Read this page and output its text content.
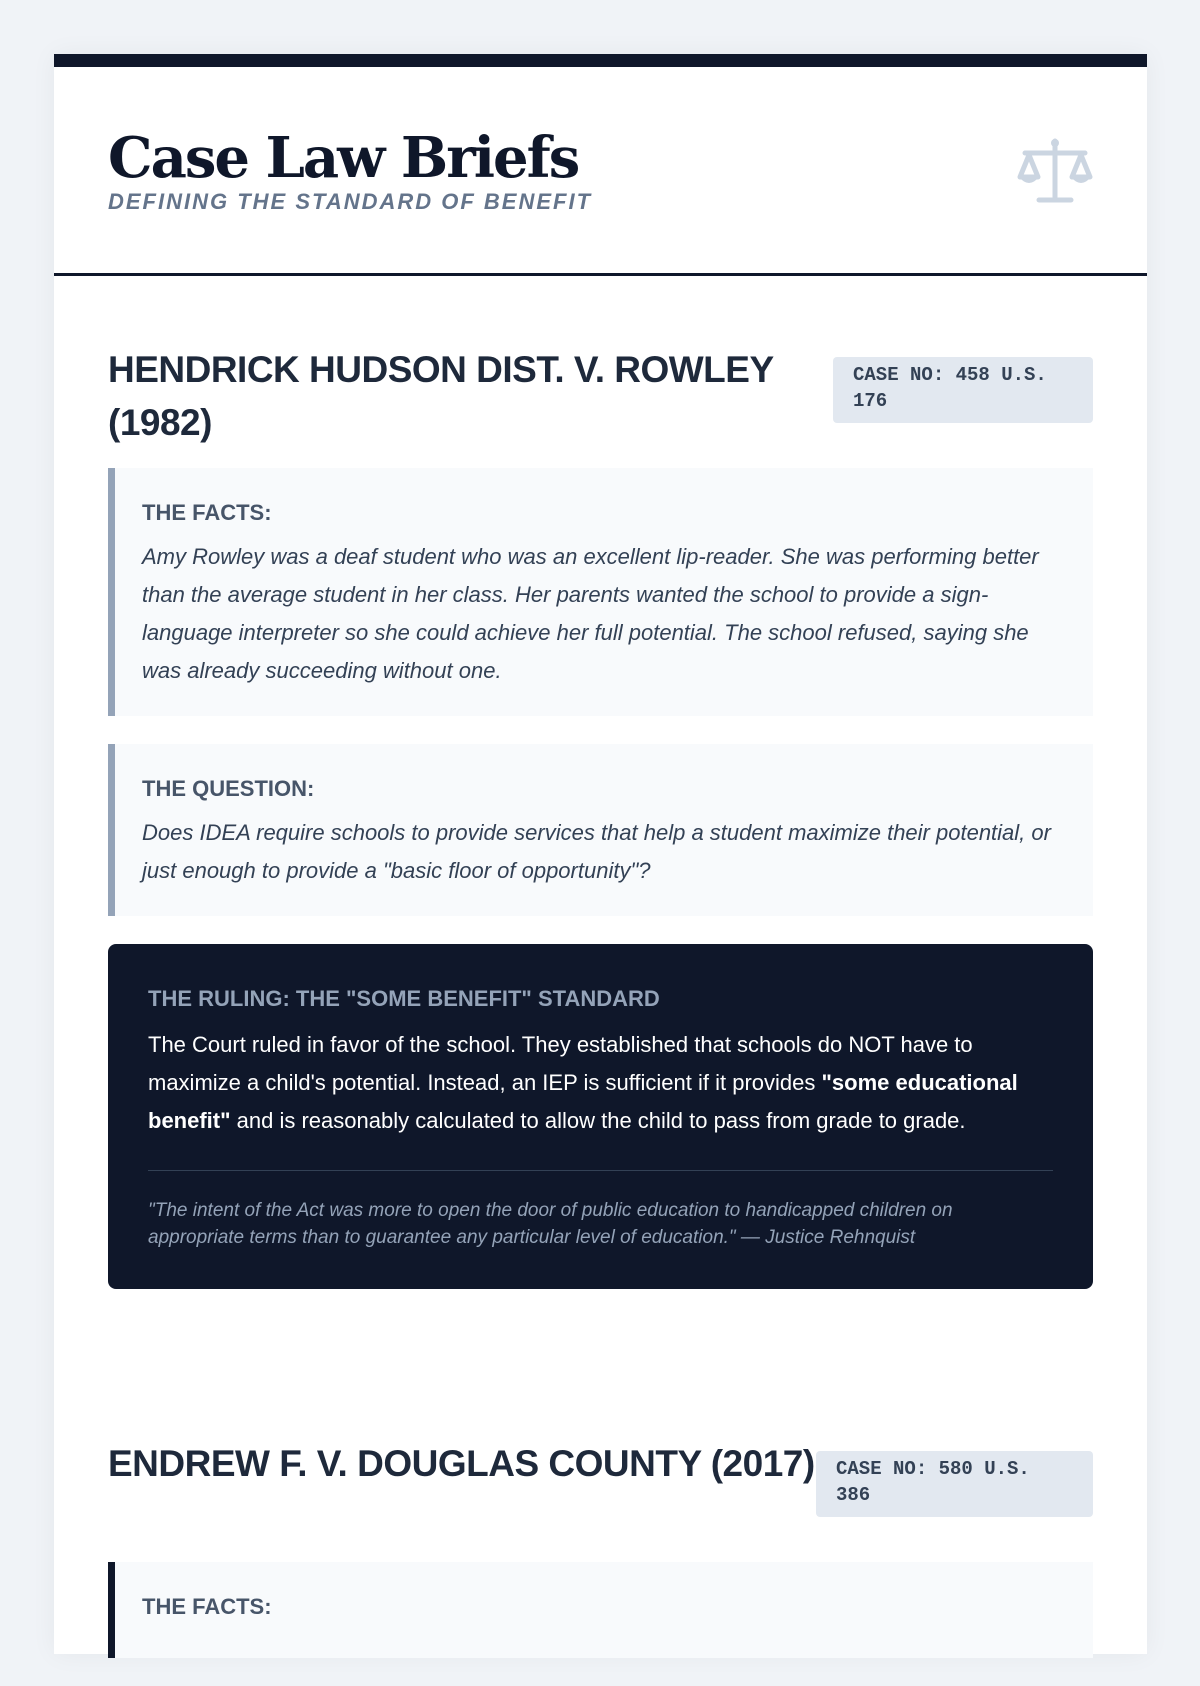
Case Law Briefs
DEFINING THE STANDARD OF BENEFIT
HENDRICK HUDSON DIST. V. ROWLEY (1982)
CASE NO: 458 U.S. 176
THE FACTS:
Amy Rowley was a deaf student who was an excellent lip-reader. She was performing better than the average student in her class. Her parents wanted the school to provide a sign-language interpreter so she could achieve her full potential. The school refused, saying she was already succeeding without one.
THE QUESTION:
Does IDEA require schools to provide services that help a student maximize their potential, or just enough to provide a "basic floor of opportunity"?
THE RULING: THE "SOME BENEFIT" STANDARD
The Court ruled in favor of the school. They established that schools do NOT have to maximize a child's potential. Instead, an IEP is sufficient if it provides "some educational benefit" and is reasonably calculated to allow the child to pass from grade to grade.
"The intent of the Act was more to open the door of public education to handicapped children on appropriate terms than to guarantee any particular level of education." — Justice Rehnquist
ENDREW F. V. DOUGLAS COUNTY (2017)	CASE NO: 580 U.S. 386
THE FACTS:
